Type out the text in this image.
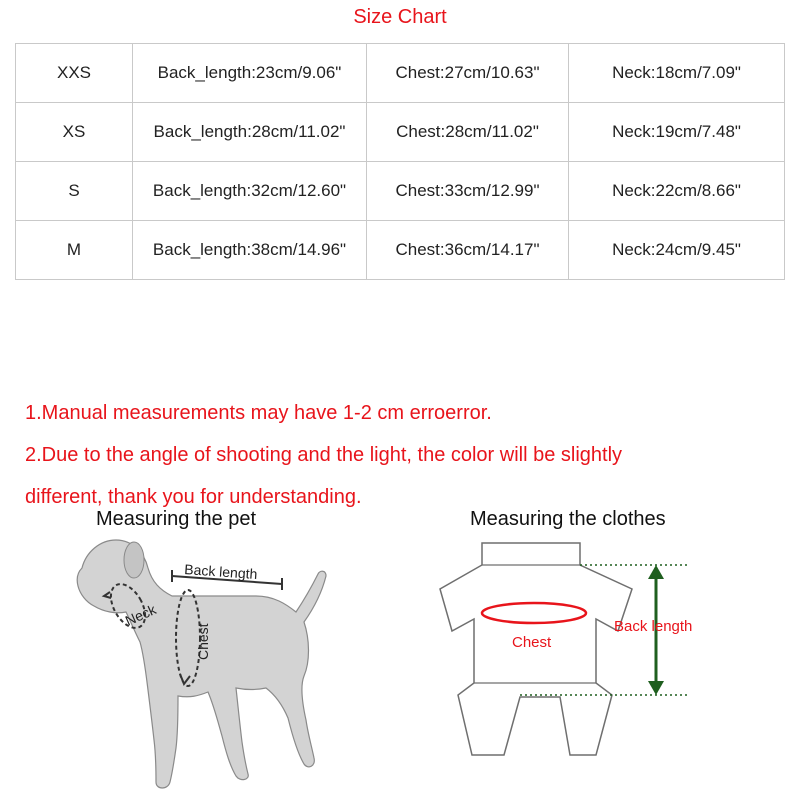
Size Chart
XXS	Back_length:23cm/9.06"	Chest:27cm/10.63"	Neck:18cm/7.09"
XS	Back_length:28cm/11.02"	Chest:28cm/11.02"	Neck:19cm/7.48"
S	Back_length:32cm/12.60"	Chest:33cm/12.99"	Neck:22cm/8.66"
M	Back_length:38cm/14.96"	Chest:36cm/14.17"	Neck:24cm/9.45"
1.Manual measurements may have 1-2 cm erroerror.
2.Due to the angle of shooting and the light, the color will be slightly
different, thank you for understanding.
Measuring the pet	Measuring the clothes
Back length
Neck
Chest	Chest
Back length
